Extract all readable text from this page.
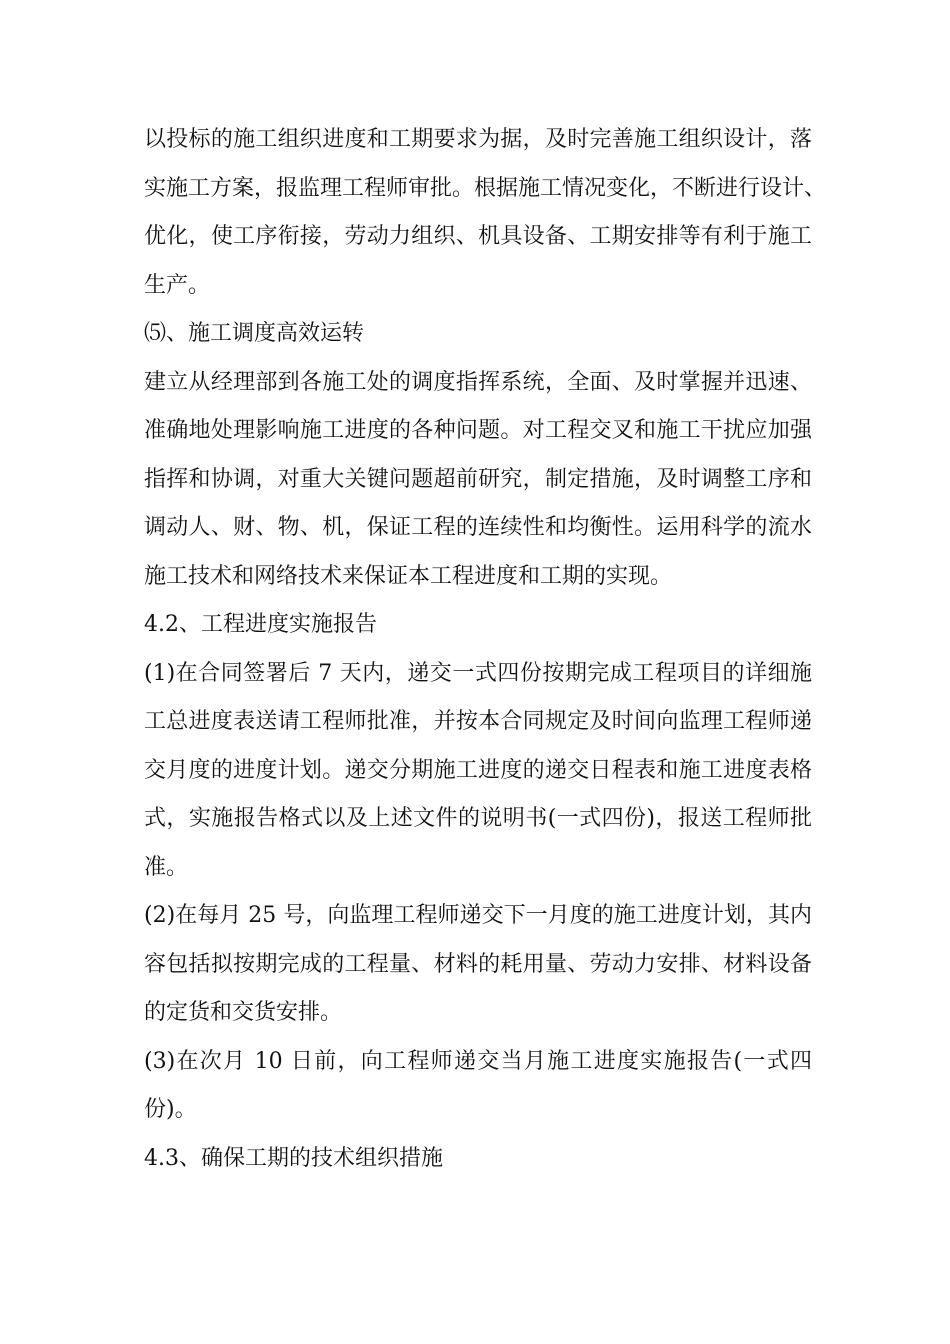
以投标的施工组织进度和工期要求为据，及时完善施工组织设计，落
实施工方案，报监理工程师审批。根据施工情况变化，不断进行设计、
优化，使工序衔接，劳动力组织、机具设备、工期安排等有利于施工
生产。
⑸、施工调度高效运转
建立从经理部到各施工处的调度指挥系统，全面、及时掌握并迅速、
准确地处理影响施工进度的各种问题。对工程交叉和施工干扰应加强
指挥和协调，对重大关键问题超前研究，制定措施，及时调整工序和
调动人、财、物、机，保证工程的连续性和均衡性。运用科学的流水
施工技术和网络技术来保证本工程进度和工期的实现。
4.2、工程进度实施报告
(1)在合同签署后 7 天内，递交一式四份按期完成工程项目的详细施
工总进度表送请工程师批准，并按本合同规定及时间向监理工程师递
交月度的进度计划。递交分期施工进度的递交日程表和施工进度表格
式，实施报告格式以及上述文件的说明书(一式四份)，报送工程师批
准。
(2)在每月 25 号，向监理工程师递交下一月度的施工进度计划，其内
容包括拟按期完成的工程量、材料的耗用量、劳动力安排、材料设备
的定货和交货安排。
(3)在次月 10 日前，向工程师递交当月施工进度实施报告(一式四
份)。
4.3、确保工期的技术组织措施
